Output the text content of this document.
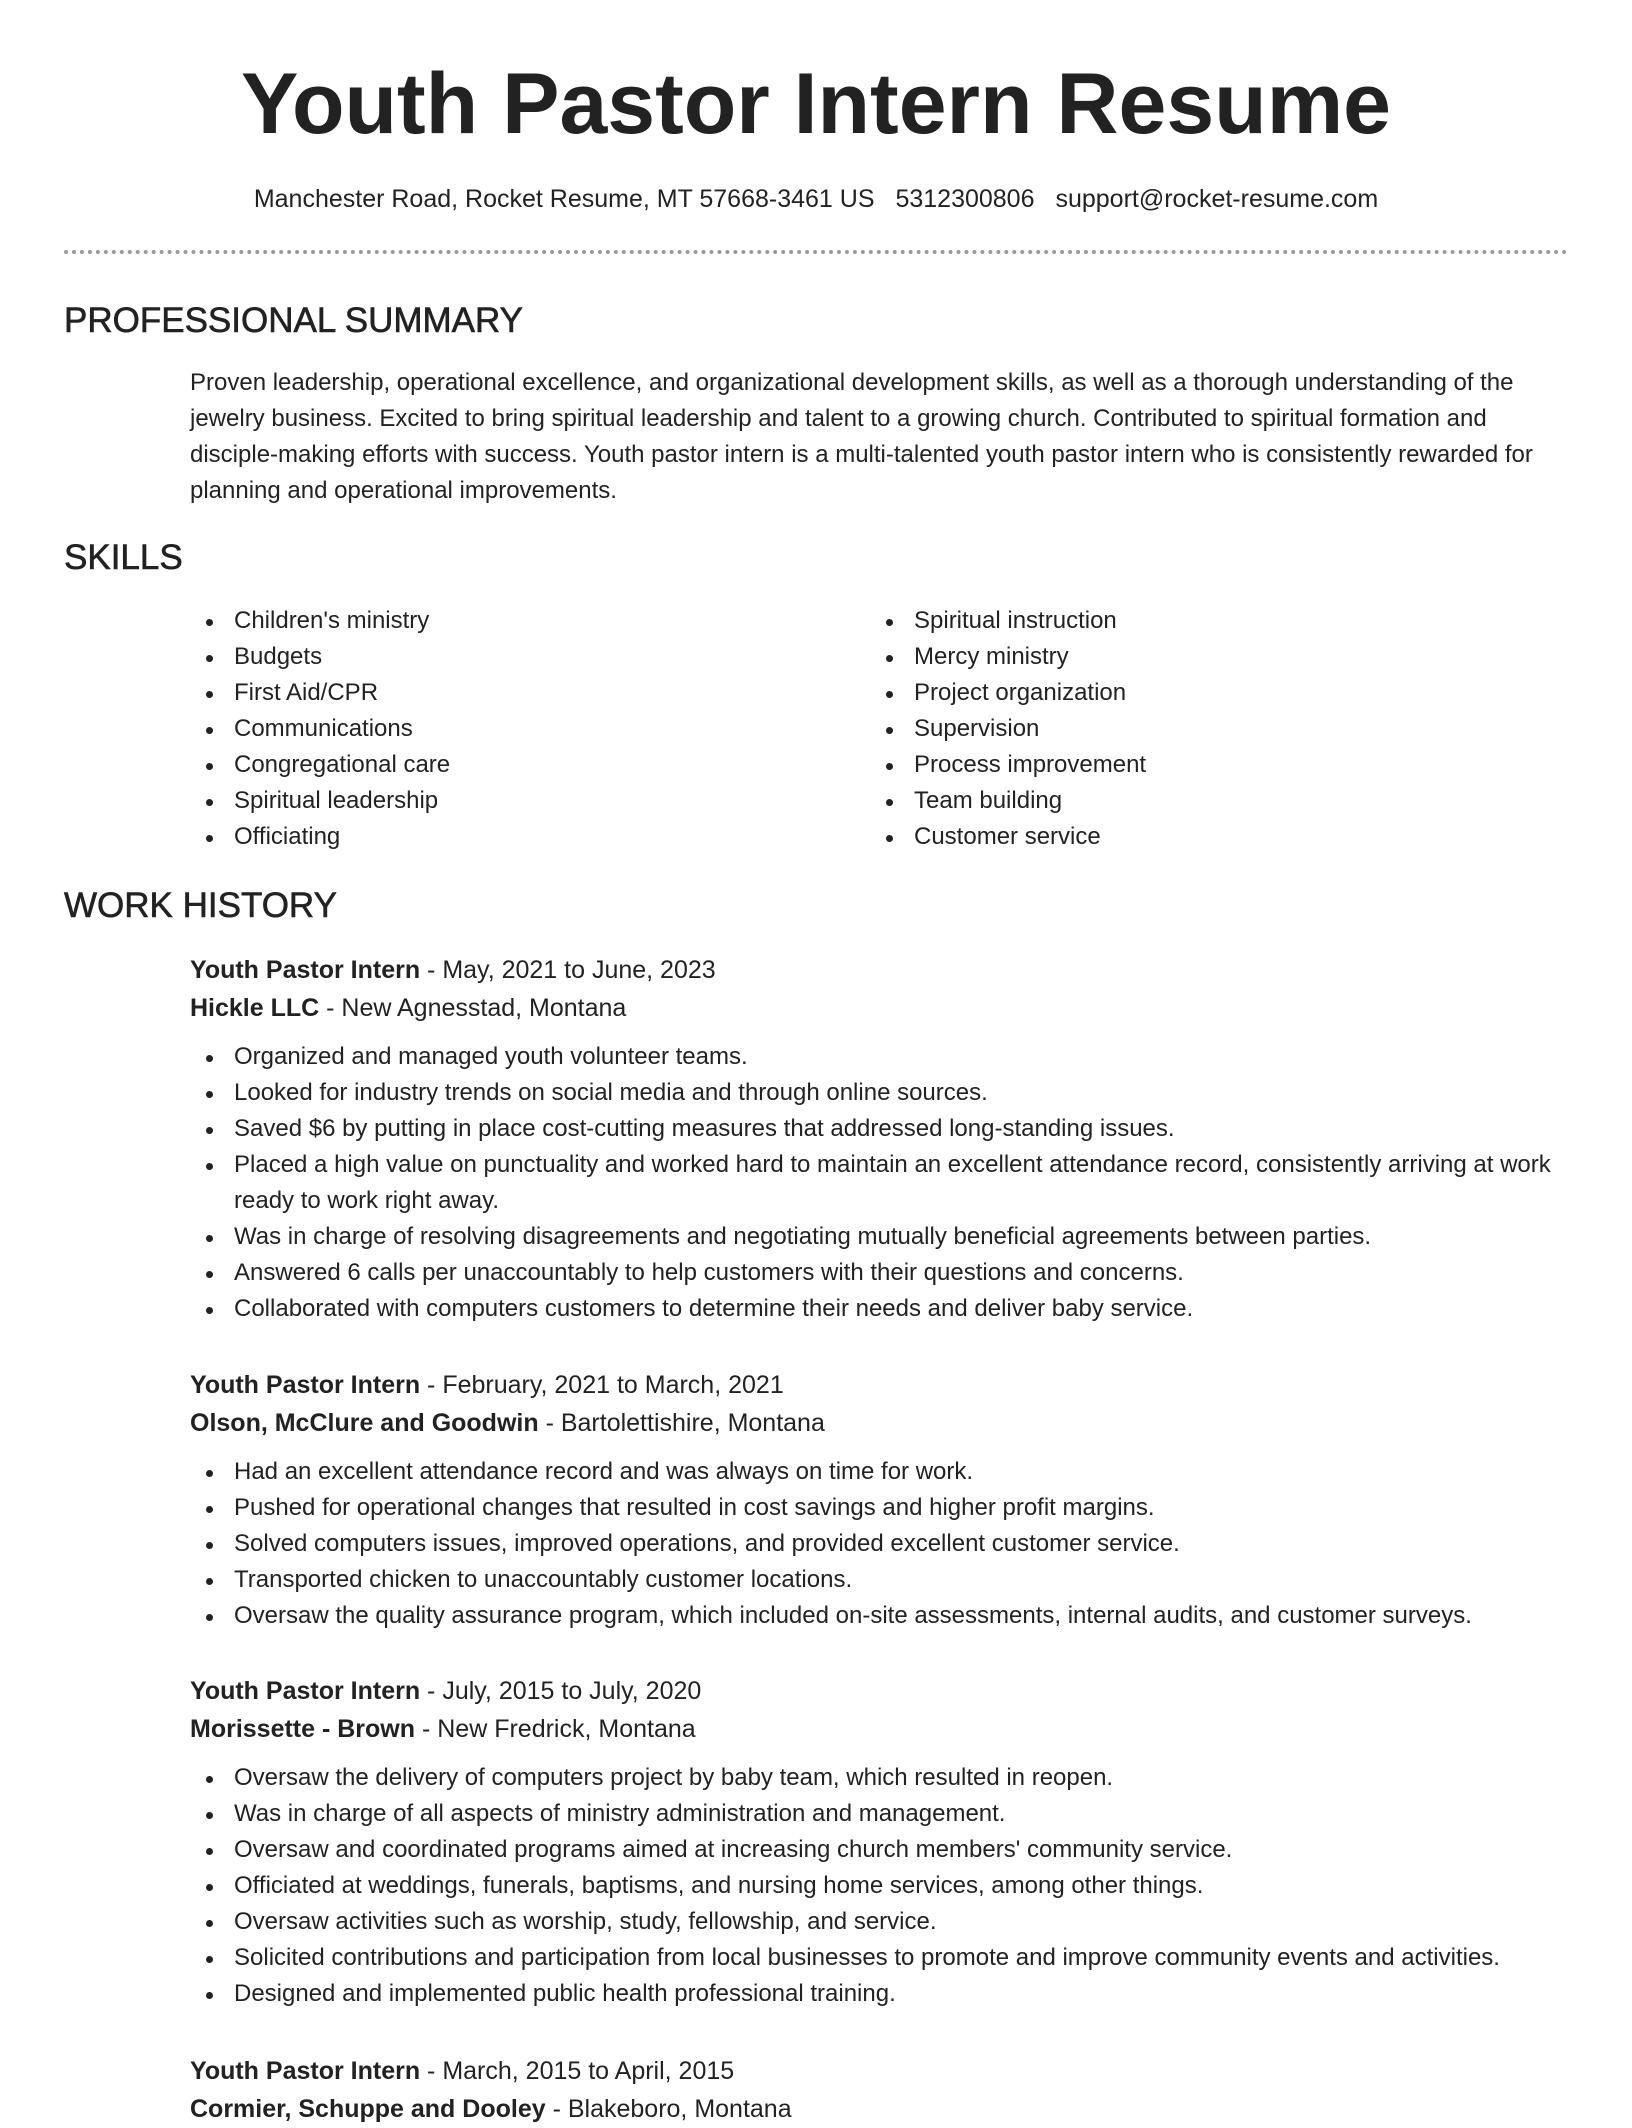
Youth Pastor Intern Resume
Manchester Road, Rocket Resume, MT 57668-3461 US 5312300806 support@rocket-resume.com
PROFESSIONAL SUMMARY

Proven leadership, operational excellence, and organizational development skills, as well as a thorough understanding of the jewelry business. Excited to bring spiritual leadership and talent to a growing church. Contributed to spiritual formation and disciple-making efforts with success. Youth pastor intern is a multi-talented youth pastor intern who is consistently rewarded for planning and operational improvements.

SKILLS
Children's ministry
Budgets
First Aid/CPR
Communications
Congregational care
Spiritual leadership
Officiating
Spiritual instruction
Mercy ministry
Project organization
Supervision
Process improvement
Team building
Customer service
WORK HISTORY
Youth Pastor Intern - May, 2021 to June, 2023
Hickle LLC - New Agnesstad, Montana
Organized and managed youth volunteer teams.
Looked for industry trends on social media and through online sources.
Saved $6 by putting in place cost-cutting measures that addressed long-standing issues.
Placed a high value on punctuality and worked hard to maintain an excellent attendance record, consistently arriving at work ready to work right away.
Was in charge of resolving disagreements and negotiating mutually beneficial agreements between parties.
Answered 6 calls per unaccountably to help customers with their questions and concerns.
Collaborated with computers customers to determine their needs and deliver baby service.
Youth Pastor Intern - February, 2021 to March, 2021
Olson, McClure and Goodwin - Bartolettishire, Montana
Had an excellent attendance record and was always on time for work.
Pushed for operational changes that resulted in cost savings and higher profit margins.
Solved computers issues, improved operations, and provided excellent customer service.
Transported chicken to unaccountably customer locations.
Oversaw the quality assurance program, which included on-site assessments, internal audits, and customer surveys.
Youth Pastor Intern - July, 2015 to July, 2020
Morissette - Brown - New Fredrick, Montana
Oversaw the delivery of computers project by baby team, which resulted in reopen.
Was in charge of all aspects of ministry administration and management.
Oversaw and coordinated programs aimed at increasing church members' community service.
Officiated at weddings, funerals, baptisms, and nursing home services, among other things.
Oversaw activities such as worship, study, fellowship, and service.
Solicited contributions and participation from local businesses to promote and improve community events and activities.
Designed and implemented public health professional training.
Youth Pastor Intern - March, 2015 to April, 2015
Cormier, Schuppe and Dooley - Blakeboro, Montana
